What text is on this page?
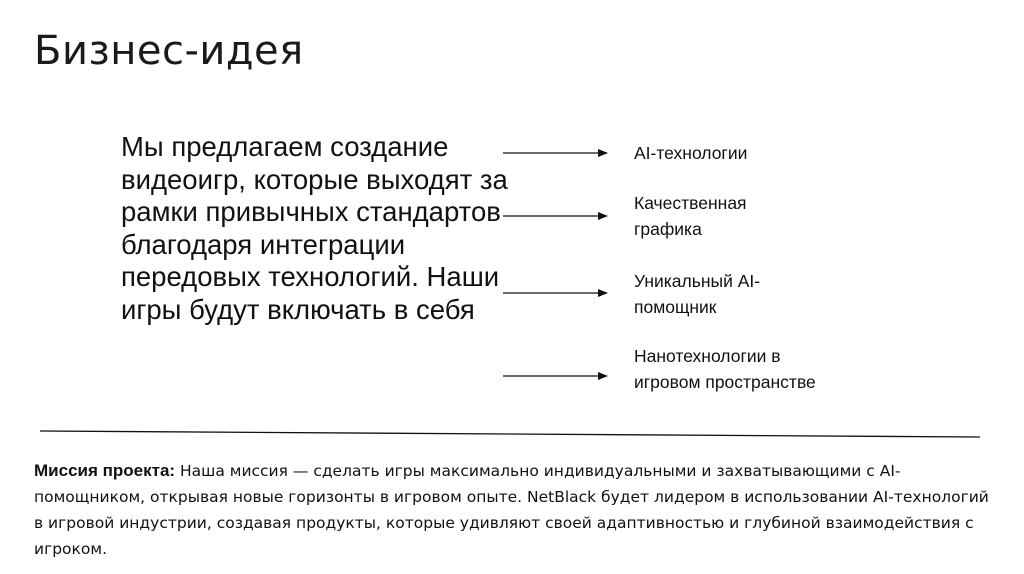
Бизнес-идея
Мы предлагаем создание видеоигр, которые выходят за рамки привычных стандартов благодаря интеграции передовых технологий. Наши игры будут включать в себя
AI-технологии
Качественная графика
Уникальный AI-помощник
Нанотехнологии в игровом пространстве
Миссия проекта: Наша миссия — сделать игры максимально индивидуальными и захватывающими с AI-помощником, открывая новые горизонты в игровом опыте. NetBlack будет лидером в использовании AI-технологий в игровой индустрии, создавая продукты, которые удивляют своей адаптивностью и глубиной взаимодействия с игроком.
